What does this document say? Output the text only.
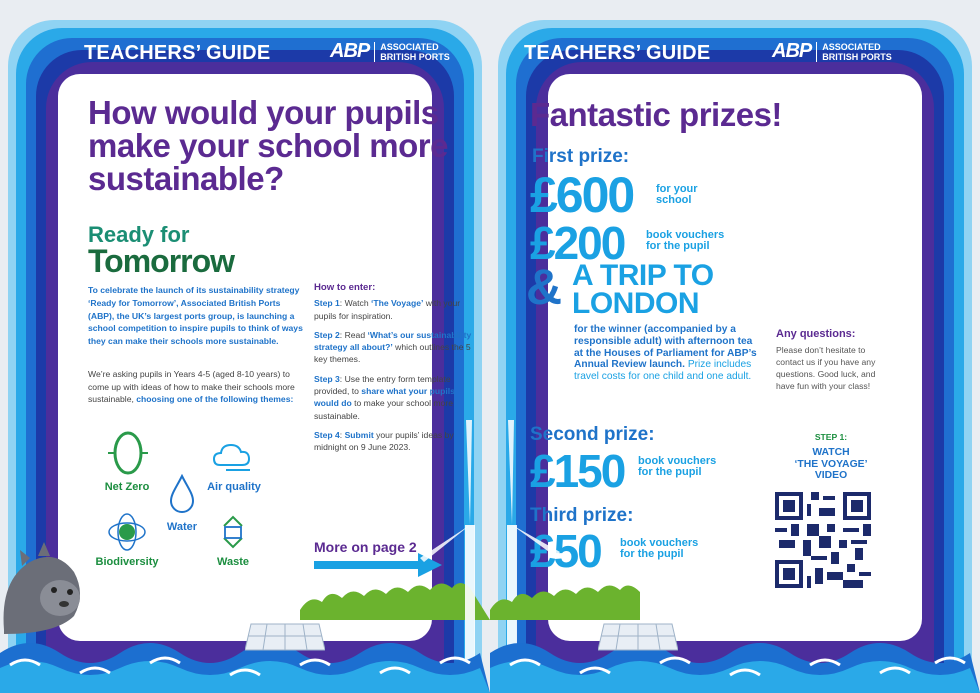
TEACHERS’ GUIDE	ABP	ASSOCIATED
BRITISH PORTS
How would your pupils make your school more sustainable?
Ready for
Tomorrow
To celebrate the launch of its sustainability strategy ‘Ready for Tomorrow’, Associated British Ports (ABP), the UK’s largest ports group, is launching a school competition to inspire pupils to think of ways they can make their schools more sustainable.
We’re asking pupils in Years 4-5 (aged 8-10 years) to come up with ideas of how to make their schools more sustainable, choosing one of the following themes:
How to enter:
Step 1: Watch ‘The Voyage’ with your pupils for inspiration.
Step 2: Read ‘What’s our sustainability strategy all about?’ which outlines the 5 key themes.
Step 3: Use the entry form template provided, to share what your pupils would do to make your school more sustainable.
Step 4: Submit your pupils’ ideas by midnight on 9 June 2023.
Net Zero	Air quality
Water
Biodiversity	Waste
More on page 2
TEACHERS’ GUIDE	ABP	ASSOCIATED
BRITISH PORTS
Fantastic prizes!
First prize:
£600 for your
school
£200 book vouchers
for the pupil
& A TRIP TO
LONDON
for the winner (accompanied by a responsible adult) with afternoon tea at the Houses of Parliament for ABP’s Annual Review launch. Prize includes travel costs for one child and one adult.
Any questions:
Please don’t hesitate to contact us if you have any questions. Good luck, and have fun with your class!
Second prize:
£150 book vouchers
for the pupil
Third prize:
£50 book vouchers
for the pupil
STEP 1:
WATCH
‘THE VOYAGE’
VIDEO
